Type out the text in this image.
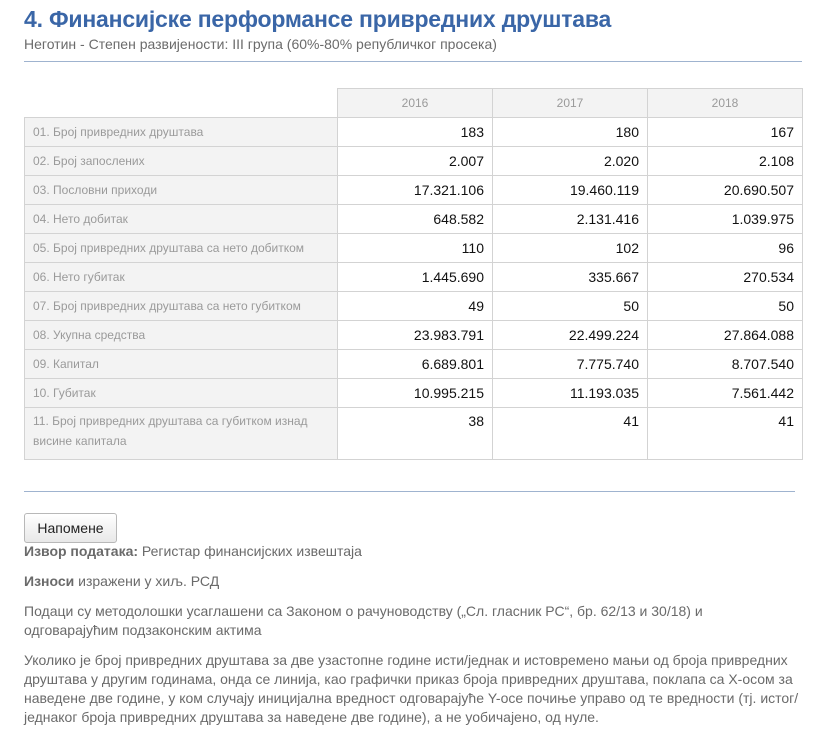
4. Финансијске перформансе привредних друштава
Неготин - Степен развијености: III група (60%-80% републичког просека)
	2016	2017	2018
01. Број привредних друштава	183	180	167
02. Број запослених	2.007	2.020	2.108
03. Пословни приходи	17.321.106	19.460.119	20.690.507
04. Нето добитак	648.582	2.131.416	1.039.975
05. Број привредних друштава са нето добитком	110	102	96
06. Нето губитак	1.445.690	335.667	270.534
07. Број привредних друштава са нето губитком	49	50	50
08. Укупна средства	23.983.791	22.499.224	27.864.088
09. Капитал	6.689.801	7.775.740	8.707.540
10. Губитак	10.995.215	11.193.035	7.561.442
11. Број привредних друштава са губитком изнад висине капитала	38	41	41
Напомене

Извор података: Регистар финансијских извештаја

Износи изражени у хиљ. РСД

Подаци су методолошки усаглашени са Законом о рачуноводству („Сл. гласник РС“, бр. 62/13 и 30/18) и одговарајућим подзаконским актима

Уколико је број привредних друштава за две узастопне године исти/једнак и истовремено мањи од броја привредних друштава у другим годинама, онда се линија, као графички приказ броја привредних друштава, поклапа са X-осом за наведене две године, у ком случају иницијална вредност одговарајуће Y-осе почиње управо од те вредности (тј. истог/једнаког броја привредних друштава за наведене две године), а не уобичајено, од нуле.
